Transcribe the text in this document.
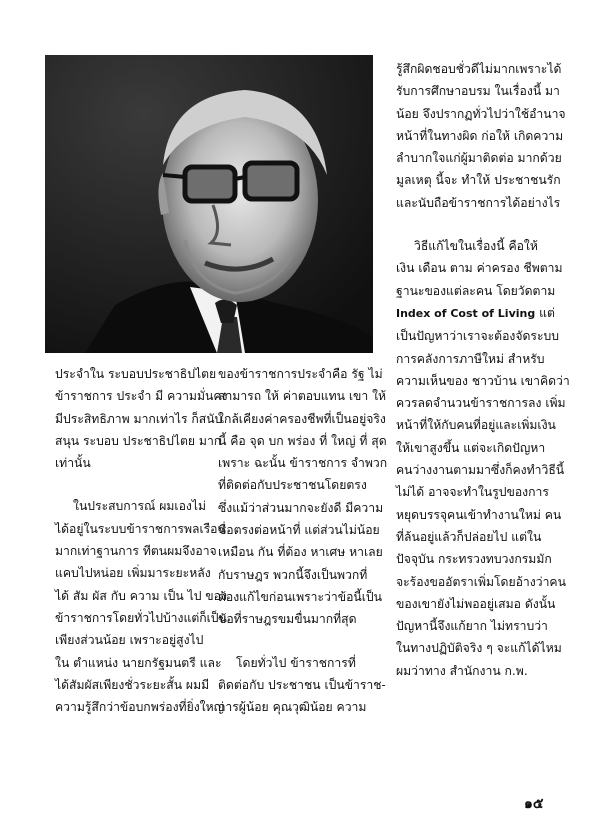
ประจำใน ระบอบประชาธิปไตย

ข้าราชการ ประจำ มี ความมั่นคง

มีประสิทธิภาพ มากเท่าไร ก็สนับ

สนุน ระบอบ ประชาธิปไตย มาก

เท่านั้น

ในประสบการณ์ ผมเองไม่

ได้อยู่ในระบบข้าราชการพลเรือน

มากเท่าฐานการ ทีตนผมจึงอาจ

แคบไปหน่อย เพิ่มมาระยะหลัง

ได้ สัม ผัส กับ ความ เป็น ไป ของ

ข้าราชการโดยทั่วไปบ้างแต่ก็เป็น

เพียงส่วนน้อย เพราะอยู่สูงไป

ใน ตำแหน่ง นายกรัฐมนตรี และ

ได้สัมผัสเพียงชั่วระยะสั้น ผมมี

ความรู้สึกว่าข้อบกพร่องที่ยิ่งใหญ่

ของข้าราชการประจำคือ รัฐ ไม่

สามารถ ให้ ค่าตอบแทน เขา ให้

ใกล้เคียงค่าครองชีพที่เป็นอยู่จริง

นี้ คือ จุด บก พร่อง ที่ ใหญ่ ที่ สุด

เพราะ ฉะนั้น ข้าราชการ จำพวก

ที่ติดต่อกับประชาชนโดยตรง

ซึ่งแม้ว่าส่วนมากจะยังดี มีความ

ซื่อตรงต่อหน้าที่ แต่ส่วนไม่น้อย

เหมือน กัน ที่ต้อง หาเศษ หาเลย

กับราษฎร พวกนี้จึงเป็นพวกที่

ต้องแก้ไขก่อนเพราะว่าข้อนี้เป็น

ข้อที่ราษฎรขมขื่นมากที่สุด

โดยทั่วไป ข้าราชการที่

ติดต่อกับ ประชาชน เป็นข้าราช-

การผู้น้อย คุณวุฒิน้อย ความ

รู้สึกผิดชอบชั่วดีไม่มากเพราะได้

รับการศึกษาอบรม ในเรื่องนี้ มา

น้อย จึงปรากฏทั่วไปว่าใช้อำนาจ

หน้าที่ในทางผิด ก่อให้ เกิดความ

ลำบากใจแก่ผู้มาติดต่อ มากด้วย

มูลเหตุ นี้จะ ทำให้ ประชาชนรัก

และนับถือข้าราชการได้อย่างไร

วิธีแก้ไขในเรื่องนี้ คือให้

เงิน เดือน ตาม ค่าครอง ชีพตาม

ฐานะของแต่ละคน โดยวัดตาม

Index of Cost of Living แต่

เป็นปัญหาว่าเราจะต้องจัดระบบ

การคลังการภาษีใหม่ สำหรับ

ความเห็นของ ชาวบ้าน เขาคิดว่า

ควรลดจำนวนข้าราชการลง เพิ่ม

หน้าที่ให้กับคนที่อยู่และเพิ่มเงิน

ให้เขาสูงขึ้น แต่จะเกิดปัญหา

คนว่างงานตามมาซึ่งก็คงทำวิธีนี้

ไม่ได้ อาจจะทำในรูปของการ

หยุดบรรจุคนเข้าทำงานใหม่ คน

ที่ล้นอยู่แล้วก็ปล่อยไป แต่ใน

ปัจจุบัน กระทรวงทบวงกรมมัก

จะร้องขออัตราเพิ่มโดยอ้างว่าคน

ของเขายังไม่พออยู่เสมอ ดังนั้น

ปัญหานี้จึงแก้ยาก ไม่ทราบว่า

ในทางปฏิบัติจริง ๆ จะแก้ได้ไหม

ผมว่าทาง สำนักงาน ก.พ.

๑๕
